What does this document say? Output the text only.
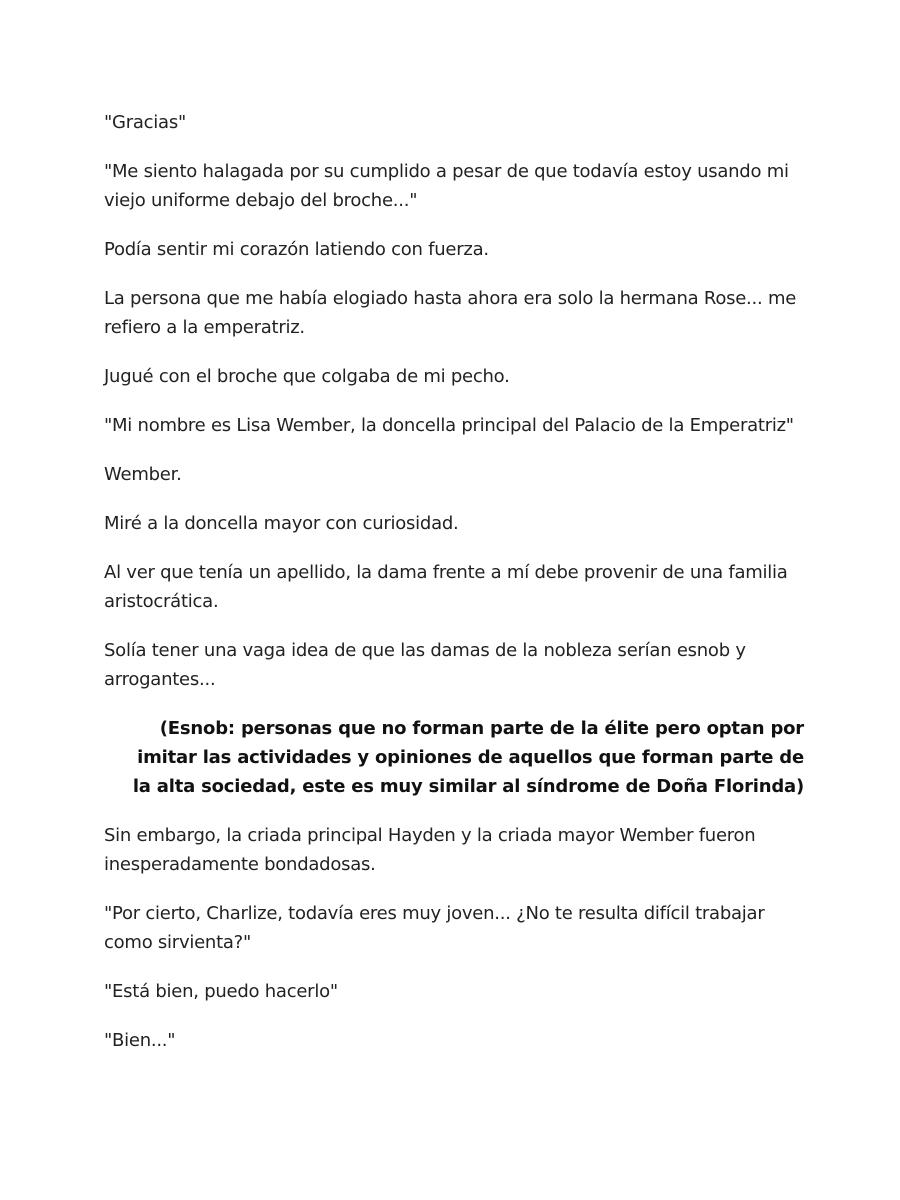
"Gracias"

"Me siento halagada por su cumplido a pesar de que todavía estoy usando mi viejo uniforme debajo del broche..."

Podía sentir mi corazón latiendo con fuerza.

La persona que me había elogiado hasta ahora era solo la hermana Rose... me refiero a la emperatriz.

Jugué con el broche que colgaba de mi pecho.

"Mi nombre es Lisa Wember, la doncella principal del Palacio de la Emperatriz"

Wember.

Miré a la doncella mayor con curiosidad.

Al ver que tenía un apellido, la dama frente a mí debe provenir de una familia aristocrática.

Solía tener una vaga idea de que las damas de la nobleza serían esnob y arrogantes...

(Esnob: personas que no forman parte de la élite pero optan por imitar las actividades y opiniones de aquellos que forman parte de la alta sociedad, este es muy similar al síndrome de Doña Florinda)

Sin embargo, la criada principal Hayden y la criada mayor Wember fueron inesperadamente bondadosas.

"Por cierto, Charlize, todavía eres muy joven... ¿No te resulta difícil trabajar como sirvienta?"

"Está bien, puedo hacerlo"

"Bien..."
